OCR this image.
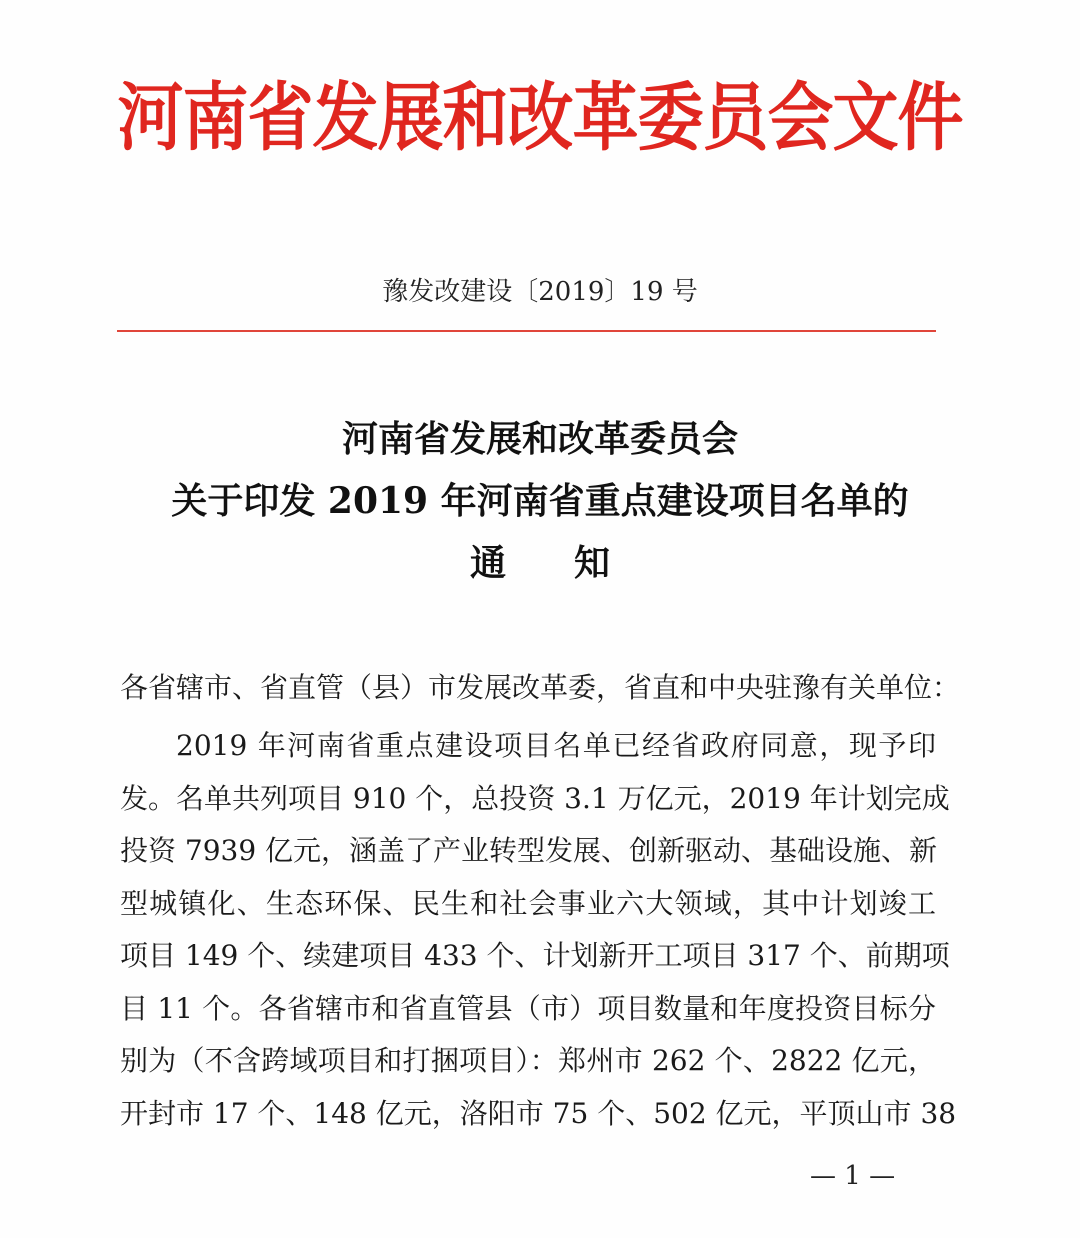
河南省发展和改革委员会文件
豫发改建设〔2019〕19 号
河南省发展和改革委员会
关于印发 2019 年河南省重点建设项目名单的
通知
各省辖市、省直管（县）市发展改革委，省直和中央驻豫有关单位：
2019 年河南省重点建设项目名单已经省政府同意，现予印
发。名单共列项目 910 个，总投资 3.1 万亿元，2019 年计划完成
投资 7939 亿元，涵盖了产业转型发展、创新驱动、基础设施、新
型城镇化、生态环保、民生和社会事业六大领域，其中计划竣工
项目 149 个、续建项目 433 个、计划新开工项目 317 个、前期项
目 11 个。各省辖市和省直管县（市）项目数量和年度投资目标分
别为（不含跨域项目和打捆项目）：郑州市 262 个、2822 亿元，
开封市 17 个、148 亿元，洛阳市 75 个、502 亿元，平顶山市 38
— 1 —
